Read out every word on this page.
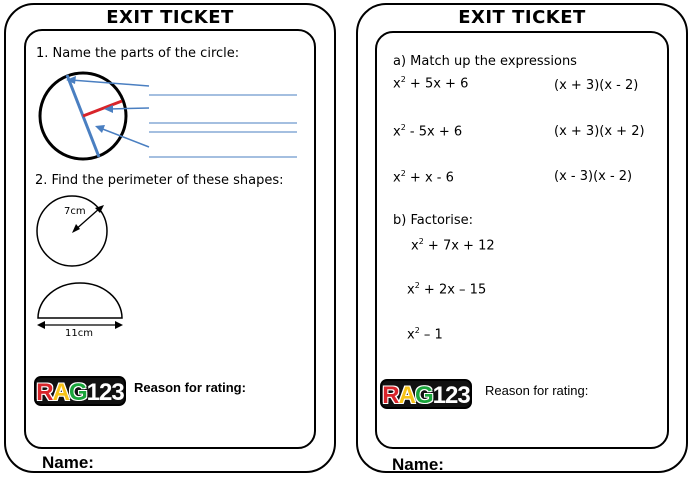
EXIT TICKET
1. Name the parts of the circle:
2. Find the perimeter of these shapes:
7cm
11cm
RAG123 Reason for rating:
Name:
EXIT TICKET
a) Match up the expressions
$x^2 + 5x + 6$
$x^2 - 5x + 6$
$x^2 + x - 6$
(x + 3)(x - 2)
(x + 3)(x + 2)
(x - 3)(x - 2)
b) Factorise:
$x^2 + 7x + 12$
$x^2 + 2x - 15$
$x^2 - 1$
RAG123 Reason for rating:
Name:
